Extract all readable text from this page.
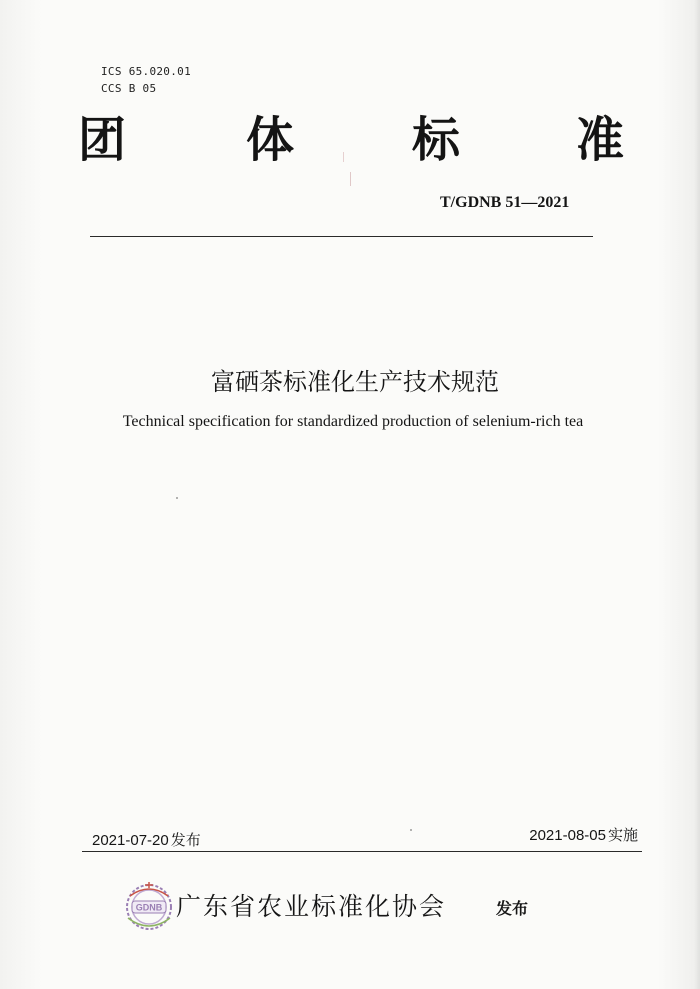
ICS 65.020.01
CCS B 05
团 体 标 准
T/GDNB 51—2021
富硒茶标准化生产技术规范
Technical specification for standardized production of selenium-rich tea
2021-07-20 发布	2021-08-05 实施
GDNB 广东省农业标准化协会	发布
